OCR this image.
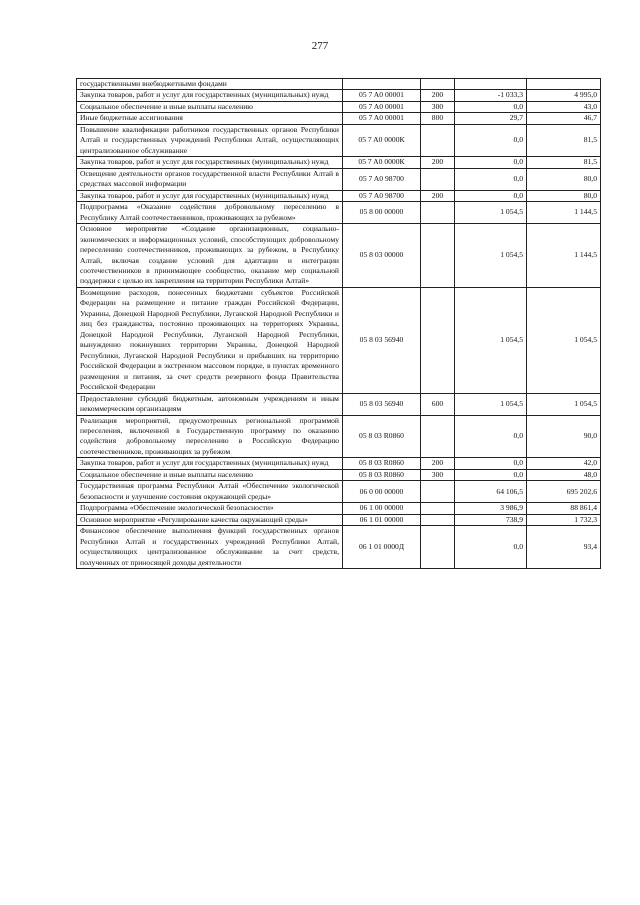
277
государственными внебюджетными фондами				
Закупка товаров, работ и услуг для государственных (муниципальных) нужд	05 7 A0 00001	200	-1 033,3	4 995,0
Социальное обеспечение и иные выплаты населению	05 7 A0 00001	300	0,0	43,0
Иные бюджетные ассигнования	05 7 A0 00001	800	29,7	46,7
Повышение квалификации работников государственных органов Республики Алтай и государственных учреждений Республики Алтай, осуществляющих централизованное обслуживание	05 7 A0 0000К		0,0	81,5
Закупка товаров, работ и услуг для государственных (муниципальных) нужд	05 7 A0 0000К	200	0,0	81,5
Освещение деятельности органов государственной власти Республики Алтай в средствах массовой информации	05 7 A0 98700		0,0	80,0
Закупка товаров, работ и услуг для государственных (муниципальных) нужд	05 7 A0 98700	200	0,0	80,0
Подпрограмма «Оказание содействия добровольному переселению в Республику Алтай соотечественников, проживающих за рубежом»	05 8 00 00000		1 054,5	1 144,5
Основное мероприятие «Создание организационных, социально-экономических и информационных условий, способствующих добровольному переселению соотечественников, проживающих за рубежом, в Республику Алтай, включая создание условий для адаптации и интеграции соотечественников в принимающее сообщество, оказание мер социальной поддержки с целью их закрепления на территории Республики Алтай»	05 8 03 00000		1 054,5	1 144,5
Возмещение расходов, понесенных бюджетами субъектов Российской Федерации на размещение и питание граждан Российской Федерации, Украины, Донецкой Народной Республики, Луганской Народной Республики и лиц без гражданства, постоянно проживающих на территориях Украины, Донецкой Народной Республики, Луганской Народной Республики, вынужденно покинувших территории Украины, Донецкой Народной Республики, Луганской Народной Республики и прибывших на территорию Российской Федерации в экстренном массовом порядке, в пунктах временного размещения и питания, за счет средств резервного фонда Правительства Российской Федерации	05 8 03 56940		1 054,5	1 054,5
Предоставление субсидий бюджетным, автономным учреждениям и иным некоммерческим организациям	05 8 03 56940	600	1 054,5	1 054,5
Реализация мероприятий, предусмотренных региональной программой переселения, включенной в Государственную программу по оказанию содействия добровольному переселению в Российскую Федерацию соотечественников, проживающих за рубежом	05 8 03 R0860		0,0	90,0
Закупка товаров, работ и услуг для государственных (муниципальных) нужд	05 8 03 R0860	200	0,0	42,0
Социальное обеспечение и иные выплаты населению	05 8 03 R0860	300	0,0	48,0
Государственная программа Республики Алтай «Обеспечение экологической безопасности и улучшение состояния окружающей среды»	06 0 00 00000		64 106,5	695 202,6
Подпрограмма «Обеспечение экологической безопасности»	06 1 00 00000		3 986,9	88 861,4
Основное мероприятие «Регулирование качества окружающей среды»	06 1 01 00000		738,9	1 732,3
Финансовое обеспечение выполнения функций государственных органов Республики Алтай и государственных учреждений Республики Алтай, осуществляющих централизованное обслуживание за счет средств, полученных от приносящей доходы деятельности	06 1 01 0000Д		0,0	93,4
